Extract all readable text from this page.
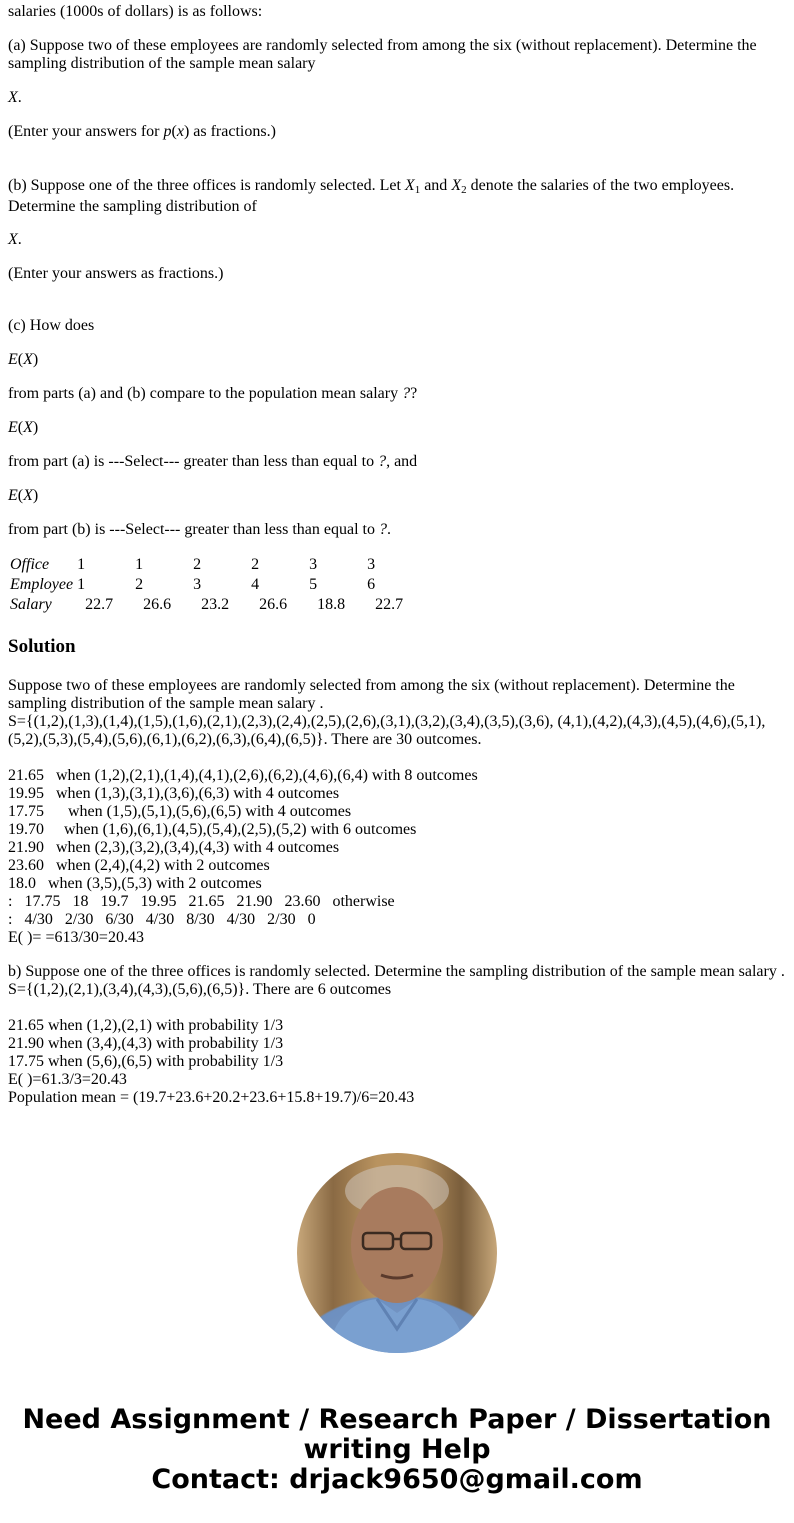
salaries (1000s of dollars) is as follows:
(a) Suppose two of these employees are randomly selected from among the six (without replacement). Determine the sampling distribution of the sample mean salary
X.
(Enter your answers for p(x) as fractions.)
(b) Suppose one of the three offices is randomly selected. Let $X_1$ and $X_2$ denote the salaries of the two employees. Determine the sampling distribution of
X.
(Enter your answers as fractions.)
(c) How does
E(X)
from parts (a) and (b) compare to the population mean salary ??
E(X)
from part (a) is ---Select--- greater than less than equal to ?, and
E(X)
from part (b) is ---Select--- greater than less than equal to ?.
Office	1	1	2	2	3	3
Employee	1	2	3	4	5	6
Salary	22.7	26.6	23.2	26.6	18.8	22.7
Solution
Suppose two of these employees are randomly selected from among the six (without replacement). Determine the sampling distribution of the sample mean salary .
S={(1,2),(1,3),(1,4),(1,5),(1,6),(2,1),(2,3),(2,4),(2,5),(2,6),(3,1),(3,2),(3,4),(3,5),(3,6), (4,1),(4,2),(4,3),(4,5),(4,6),(5,1),(5,2),(5,3),(5,4),(5,6),(6,1),(6,2),(6,3),(6,4),(6,5)}. There are 30 outcomes.
21.65   when (1,2),(2,1),(1,4),(4,1),(2,6),(6,2),(4,6),(6,4) with 8 outcomes
19.95   when (1,3),(3,1),(3,6),(6,3) with 4 outcomes
17.75      when (1,5),(5,1),(5,6),(6,5) with 4 outcomes
19.70     when (1,6),(6,1),(4,5),(5,4),(2,5),(5,2) with 6 outcomes
21.90   when (2,3),(3,2),(3,4),(4,3) with 4 outcomes
23.60   when (2,4),(4,2) with 2 outcomes
18.0   when (3,5),(5,3) with 2 outcomes
:   17.75   18   19.7   19.95   21.65   21.90   23.60   otherwise
:   4/30   2/30   6/30   4/30   8/30   4/30   2/30   0
E( )= =613/30=20.43
b) Suppose one of the three offices is randomly selected. Determine the sampling distribution of the sample mean salary .
S={(1,2),(2,1),(3,4),(4,3),(5,6),(6,5)}. There are 6 outcomes
21.65 when (1,2),(2,1) with probability 1/3
21.90 when (3,4),(4,3) with probability 1/3
17.75 when (5,6),(6,5) with probability 1/3
E( )=61.3/3=20.43
Population mean = (19.7+23.6+20.2+23.6+15.8+19.7)/6=20.43
Need Assignment / Research Paper / Dissertation
writing Help
Contact: drjack9650@gmail.com
